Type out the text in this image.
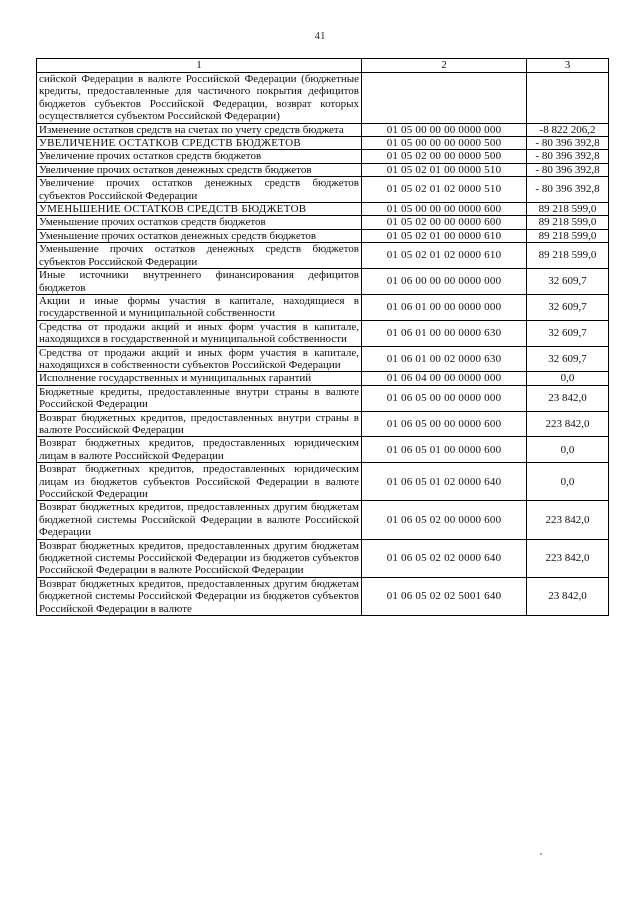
41
1	2	3
сийской Федерации в валюте Российской Федерации (бюджетные кредиты, предоставленные для частичного покрытия дефицитов бюджетов субъектов Российской Федерации, возврат которых осуществляется субъектом Российской Федерации)		
Изменение остатков средств на счетах по учету средств бюджета	01 05 00 00 00 0000 000	-8 822 206,2
УВЕЛИЧЕНИЕ ОСТАТКОВ СРЕДСТВ БЮДЖЕТОВ	01 05 00 00 00 0000 500	- 80 396 392,8
Увеличение прочих остатков средств бюджетов	01 05 02 00 00 0000 500	- 80 396 392,8
Увеличение прочих остатков денежных средств бюджетов	01 05 02 01 00 0000 510	- 80 396 392,8
Увеличение прочих остатков денежных средств бюджетов субъектов Российской Федерации	01 05 02 01 02 0000 510	- 80 396 392,8
УМЕНЬШЕНИЕ ОСТАТКОВ СРЕДСТВ БЮДЖЕТОВ	01 05 00 00 00 0000 600	89 218 599,0
Уменьшение прочих остатков средств бюджетов	01 05 02 00 00 0000 600	89 218 599,0
Уменьшение прочих остатков денежных средств бюджетов	01 05 02 01 00 0000 610	89 218 599,0
Уменьшение прочих остатков денежных средств бюджетов субъектов Российской Федерации	01 05 02 01 02 0000 610	89 218 599,0
Иные источники внутреннего финансирования дефицитов бюджетов	01 06 00 00 00 0000 000	32 609,7
Акции и иные формы участия в капитале, находящиеся в государственной и муниципальной собственности	01 06 01 00 00 0000 000	32 609,7
Средства от продажи акций и иных форм участия в капитале, находящихся в государственной и муниципальной собственности	01 06 01 00 00 0000 630	32 609,7
Средства от продажи акций и иных форм участия в капитале, находящихся в собственности субъектов Российской Федерации	01 06 01 00 02 0000 630	32 609,7
Исполнение государственных и муниципальных гарантий	01 06 04 00 00 0000 000	0,0
Бюджетные кредиты, предоставленные внутри страны в валюте Российской Федерации	01 06 05 00 00 0000 000	23 842,0
Возврат бюджетных кредитов, предоставленных внутри страны в валюте Российской Федерации	01 06 05 00 00 0000 600	223 842,0
Возврат бюджетных кредитов, предоставленных юридическим лицам в валюте Российской Федерации	01 06 05 01 00 0000 600	0,0
Возврат бюджетных кредитов, предоставленных юридическим лицам из бюджетов субъектов Российской Федерации в валюте Российской Федерации	01 06 05 01 02 0000 640	0,0
Возврат бюджетных кредитов, предоставленных другим бюджетам бюджетной системы Российской Федерации в валюте Российской Федерации	01 06 05 02 00 0000 600	223 842,0
Возврат бюджетных кредитов, предоставленных другим бюджетам бюджетной системы Российской Федерации из бюджетов субъектов Российской Федерации в валюте Российской Федерации	01 06 05 02 02 0000 640	223 842,0
Возврат бюджетных кредитов, предоставленных другим бюджетам бюджетной системы Российской Федерации из бюджетов субъектов Российской Федерации в валюте	01 06 05 02 02 5001 640	23 842,0
